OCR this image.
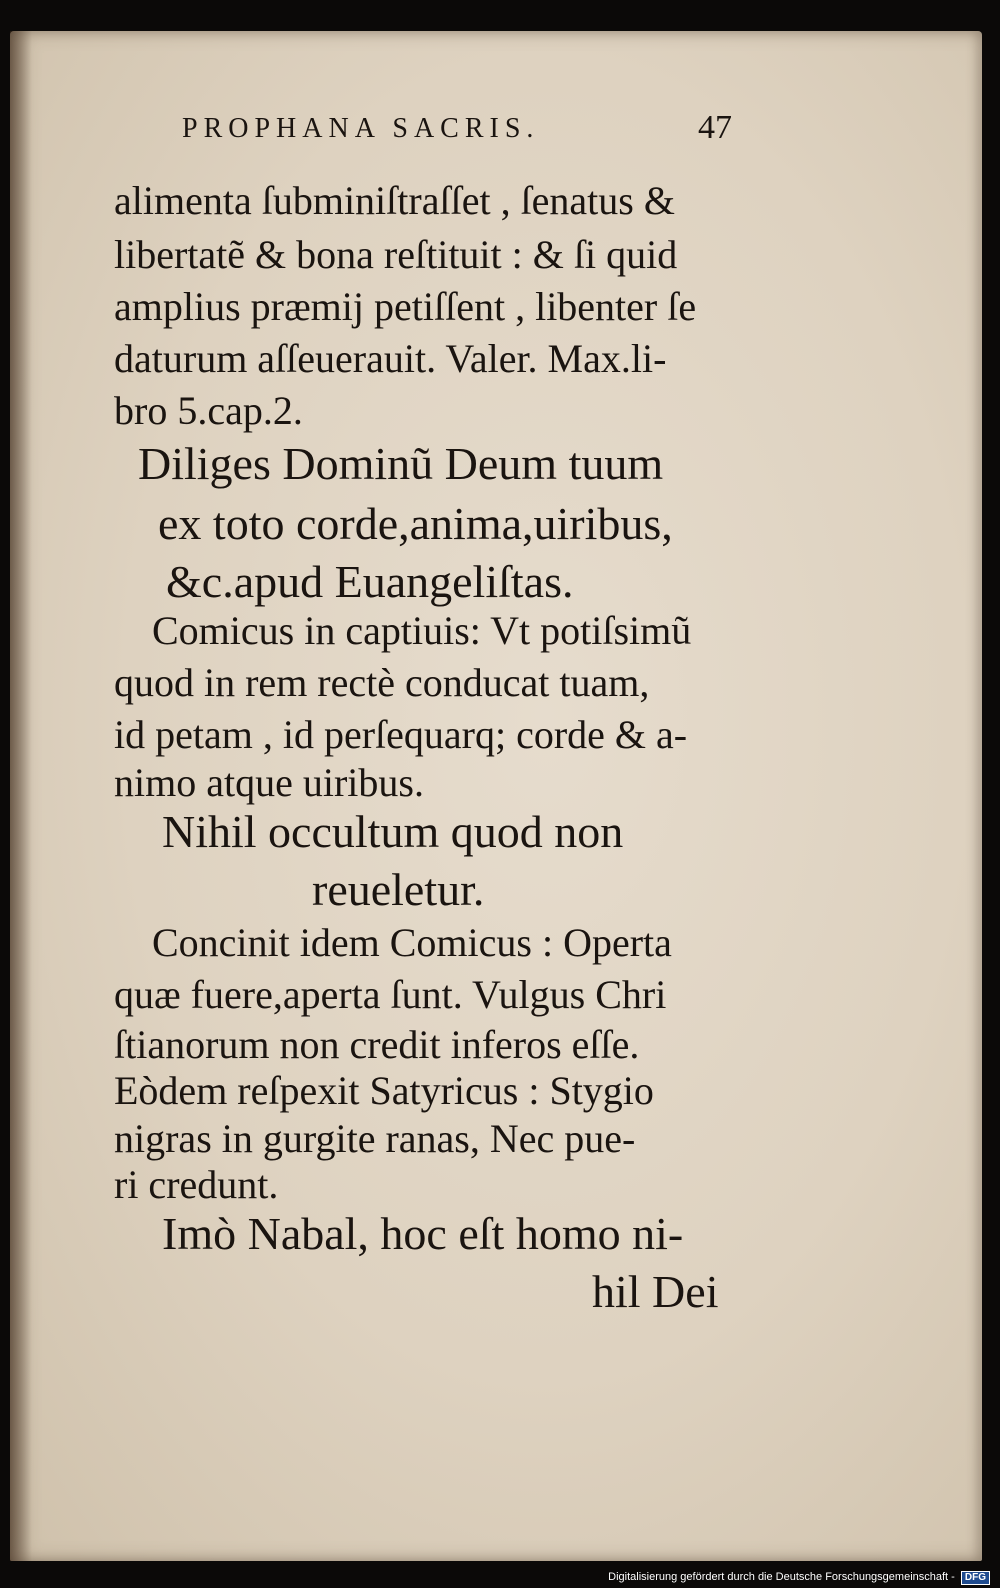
PROPHANA SACRIS.	47
alimenta ſubminiſtraſſet , ſenatus &
libertatẽ & bona reſtituit : & ſi quid
amplius præmij petiſſent , libenter ſe
daturum aſſeuerauit. Valer. Max.li-
bro 5.cap.2.
Diliges Dominũ Deum tuum
ex toto corde,anima,uiribus,
&c.apud Euangeliſtas.
Comicus in captiuis: Vt potiſsimũ
quod in rem rectè conducat tuam,
id petam , id perſequarq; corde & a-
nimo atque uiribus.
Nihil occultum quod non
reueletur.
Concinit idem Comicus : Operta
quæ fuere,aperta ſunt. Vulgus Chri
ſtianorum non credit inferos eſſe.
Eòdem reſpexit Satyricus : Stygio
nigras in gurgite ranas, Nec pue-
ri credunt.
Imò Nabal, hoc eſt homo ni-
hil Dei
Digitalisierung gefördert durch die Deutsche Forschungsgemeinschaft - DFG
